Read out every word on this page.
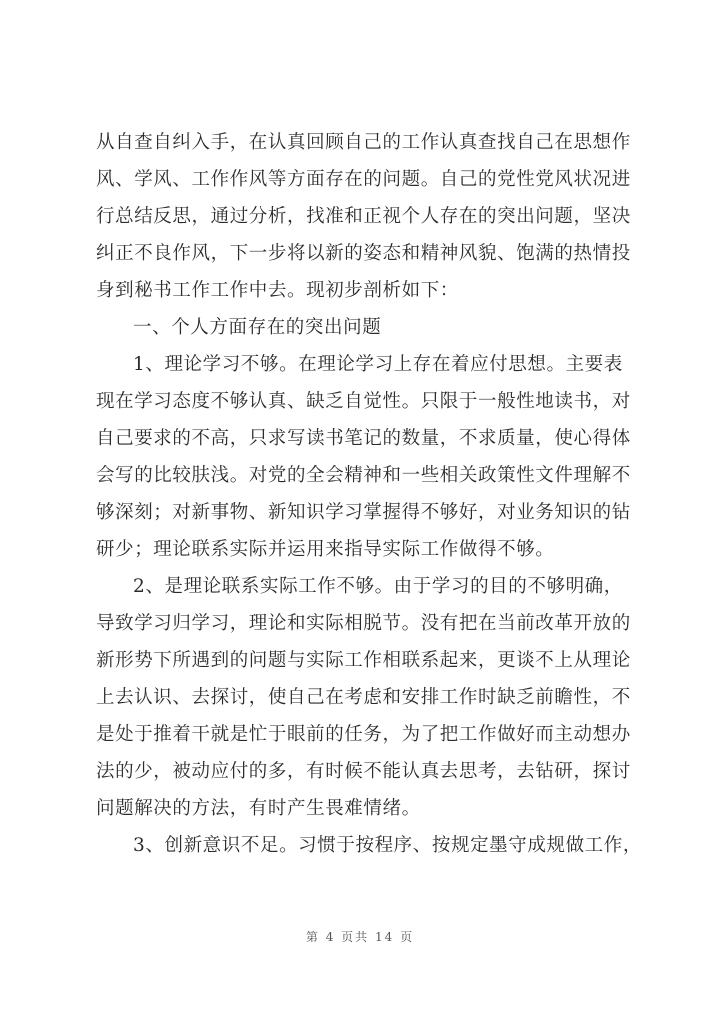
从自查自纠入手，在认真回顾自己的工作认真查找自己在思想作
风、学风、工作作风等方面存在的问题。自己的党性党风状况进
行总结反思，通过分析，找准和正视个人存在的突出问题，坚决
纠正不良作风，下一步将以新的姿态和精神风貌、饱满的热情投
身到秘书工作工作中去。现初步剖析如下：
一、个人方面存在的突出问题
1、理论学习不够。在理论学习上存在着应付思想。主要表
现在学习态度不够认真、缺乏自觉性。只限于一般性地读书，对
自己要求的不高，只求写读书笔记的数量，不求质量，使心得体
会写的比较肤浅。对党的全会精神和一些相关政策性文件理解不
够深刻；对新事物、新知识学习掌握得不够好，对业务知识的钻
研少；理论联系实际并运用来指导实际工作做得不够。
2、是理论联系实际工作不够。由于学习的目的不够明确，
导致学习归学习，理论和实际相脱节。没有把在当前改革开放的
新形势下所遇到的问题与实际工作相联系起来，更谈不上从理论
上去认识、去探讨，使自己在考虑和安排工作时缺乏前瞻性，不
是处于推着干就是忙于眼前的任务，为了把工作做好而主动想办
法的少，被动应付的多，有时候不能认真去思考，去钻研，探讨
问题解决的方法，有时产生畏难情绪。
3、创新意识不足。习惯于按程序、按规定墨守成规做工作，
第 4 页共 14 页
